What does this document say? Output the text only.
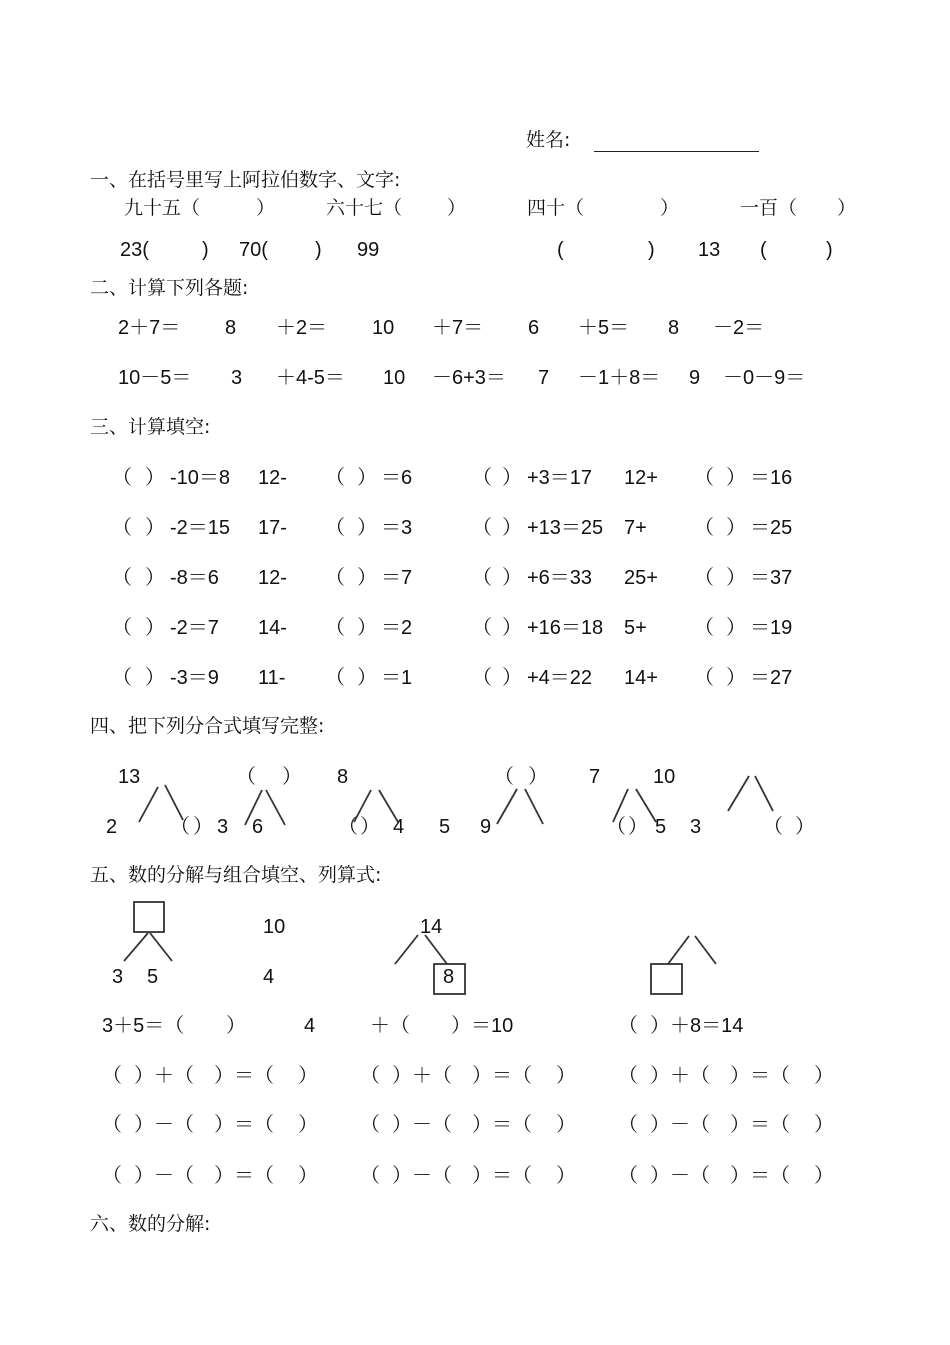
姓名:
一、在括号里写上阿拉伯数字、文字:
九十五（	）	六十七（ ）	四十（	）	一百（ ）
23(	) 70( ) 99	(	) 13 (	)
二、计算下列各题:
2＋7＝ 8 ＋2＝ 10 ＋7＝ 6 ＋5＝ 8 －2＝
10－5＝ 3 ＋4-5＝ 10 －6+3＝ 7 －1＋8＝ 9 －0－9＝
三、计算填空:
（ ） -10＝8 12- （ ） ＝6	（ ） +3＝17 12+ （ ） ＝16
（ ） -2＝15 17- （ ） ＝3	（ ） +13＝25 7+ （ ） ＝25
（ ） -8＝6 12- （ ） ＝7	（ ） +6＝33 25+ （ ） ＝37
（ ） -2＝7 14- （ ） ＝2	（ ） +16＝18 5+ （ ） ＝19
（ ） -3＝9 11- （ ） ＝1	（ ） +4＝22 14+ （ ） ＝27
四、把下列分合式填写完整:
13	（ ） 8	（ ） 7	10
2	（ ） 3 6	（ ） 4 5 9	（ ） 5 3	（ ）
五、数的分解与组合填空、列算式:
10	14
3 5	4	8
3＋5＝（ ）	4	＋（ ）＝10	（ ）＋8＝14
（ ）＋（ ）＝（ ） （ ）＋（ ）＝（ ） （ ）＋（ ）＝（ ）
（ ）－（ ）＝（ ） （ ）－（ ）＝（ ） （ ）－（ ）＝（ ）
（ ）－（ ）＝（ ） （ ）－（ ）＝（ ） （ ）－（ ）＝（ ）
六、数的分解:
